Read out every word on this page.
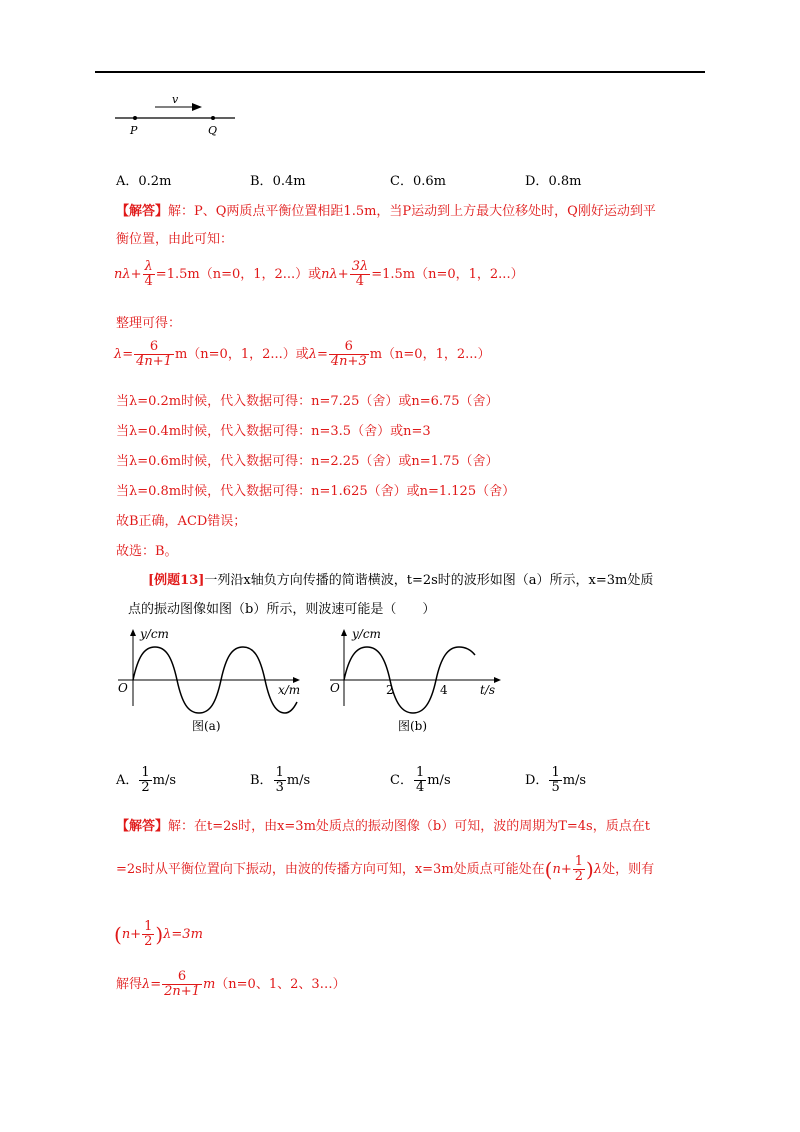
v
P	Q
A．0.2m	B．0.4m	C．0.6m	D．0.8m
【解答】解：P、Q两质点平衡位置相距1.5m，当P运动到上方最大位移处时，Q刚好运动到平
衡位置，由此可知：
$n\lambda+ \frac{\lambda}{4} =1.5m(n=0$，1，2...）或$n\lambda+ \frac{3\lambda}{4} =1.5m(n=0$，1，2...）
整理可得：
$\lambda= \frac{6}{4n+1} m(n=0$，1，2...）或$\lambda= \frac{6}{4n+3} m(n=0$，1，2...）
当λ=0.2m时候，代入数据可得：n=7.25（舍）或n=6.75（舍）
当λ=0.4m时候，代入数据可得：n=3.5（舍）或n=3
当λ=0.6m时候，代入数据可得：n=2.25（舍）或n=1.75（舍）
当λ=0.8m时候，代入数据可得：n=1.625（舍）或n=1.125（舍）
故B正确，ACD错误；
故选：B。
[例题13]一列沿x轴负方向传播的简谐横波，t=2s时的波形如图（a）所示，x=3m处质
点的振动图像如图（b）所示，则波速可能是（　　）
O
y/cm
x/m
图(a)
O
y/cm
2	4	t/s
图(b)
A． $\frac{1}{2} m/s$	B． $\frac{1}{3} m/s$	C． $\frac{1}{4} m/s$	D． $\frac{1}{5} m/s$
【解答】解：在t=2s时，由x=3m处质点的振动图像（b）可知，波的周期为T=4s，质点在t
=2s时从平衡位置向下振动，由波的传播方向可知，x=3m处质点可能处在$(n+ \frac{1}{2} )\lambda$处，则有
$(n+ \frac{1}{2} )\lambda=3m$
解得$\lambda= \frac{6}{2n+1} m(n=0$、1、2、3…）
